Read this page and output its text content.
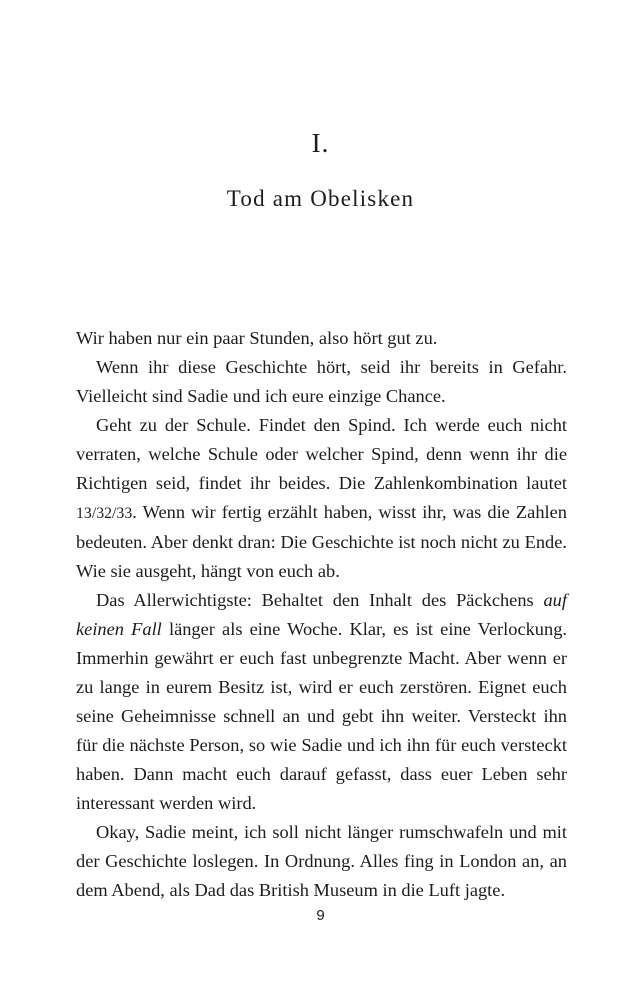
I.
Tod am Obelisken

Wir haben nur ein paar Stunden, also hört gut zu.

Wenn ihr diese Geschichte hört, seid ihr bereits in Gefahr. Vielleicht sind Sadie und ich eure einzige Chance.

Geht zu der Schule. Findet den Spind. Ich werde euch nicht verraten, welche Schule oder welcher Spind, denn wenn ihr die Richtigen seid, findet ihr beides. Die Zahlenkombination lautet 13/32/33. Wenn wir fertig erzählt haben, wisst ihr, was die Zahlen bedeuten. Aber denkt dran: Die Geschichte ist noch nicht zu Ende. Wie sie ausgeht, hängt von euch ab.

Das Allerwichtigste: Behaltet den Inhalt des Päckchens auf keinen Fall länger als eine Woche. Klar, es ist eine Verlockung. Immerhin gewährt er euch fast unbegrenzte Macht. Aber wenn er zu lange in eurem Besitz ist, wird er euch zerstören. Eignet euch seine Geheimnisse schnell an und gebt ihn weiter. Versteckt ihn für die nächste Person, so wie Sadie und ich ihn für euch versteckt haben. Dann macht euch darauf gefasst, dass euer Leben sehr interessant werden wird.

Okay, Sadie meint, ich soll nicht länger rumschwafeln und mit der Geschichte loslegen. In Ordnung. Alles fing in London an, an dem Abend, als Dad das British Museum in die Luft jagte.

9
